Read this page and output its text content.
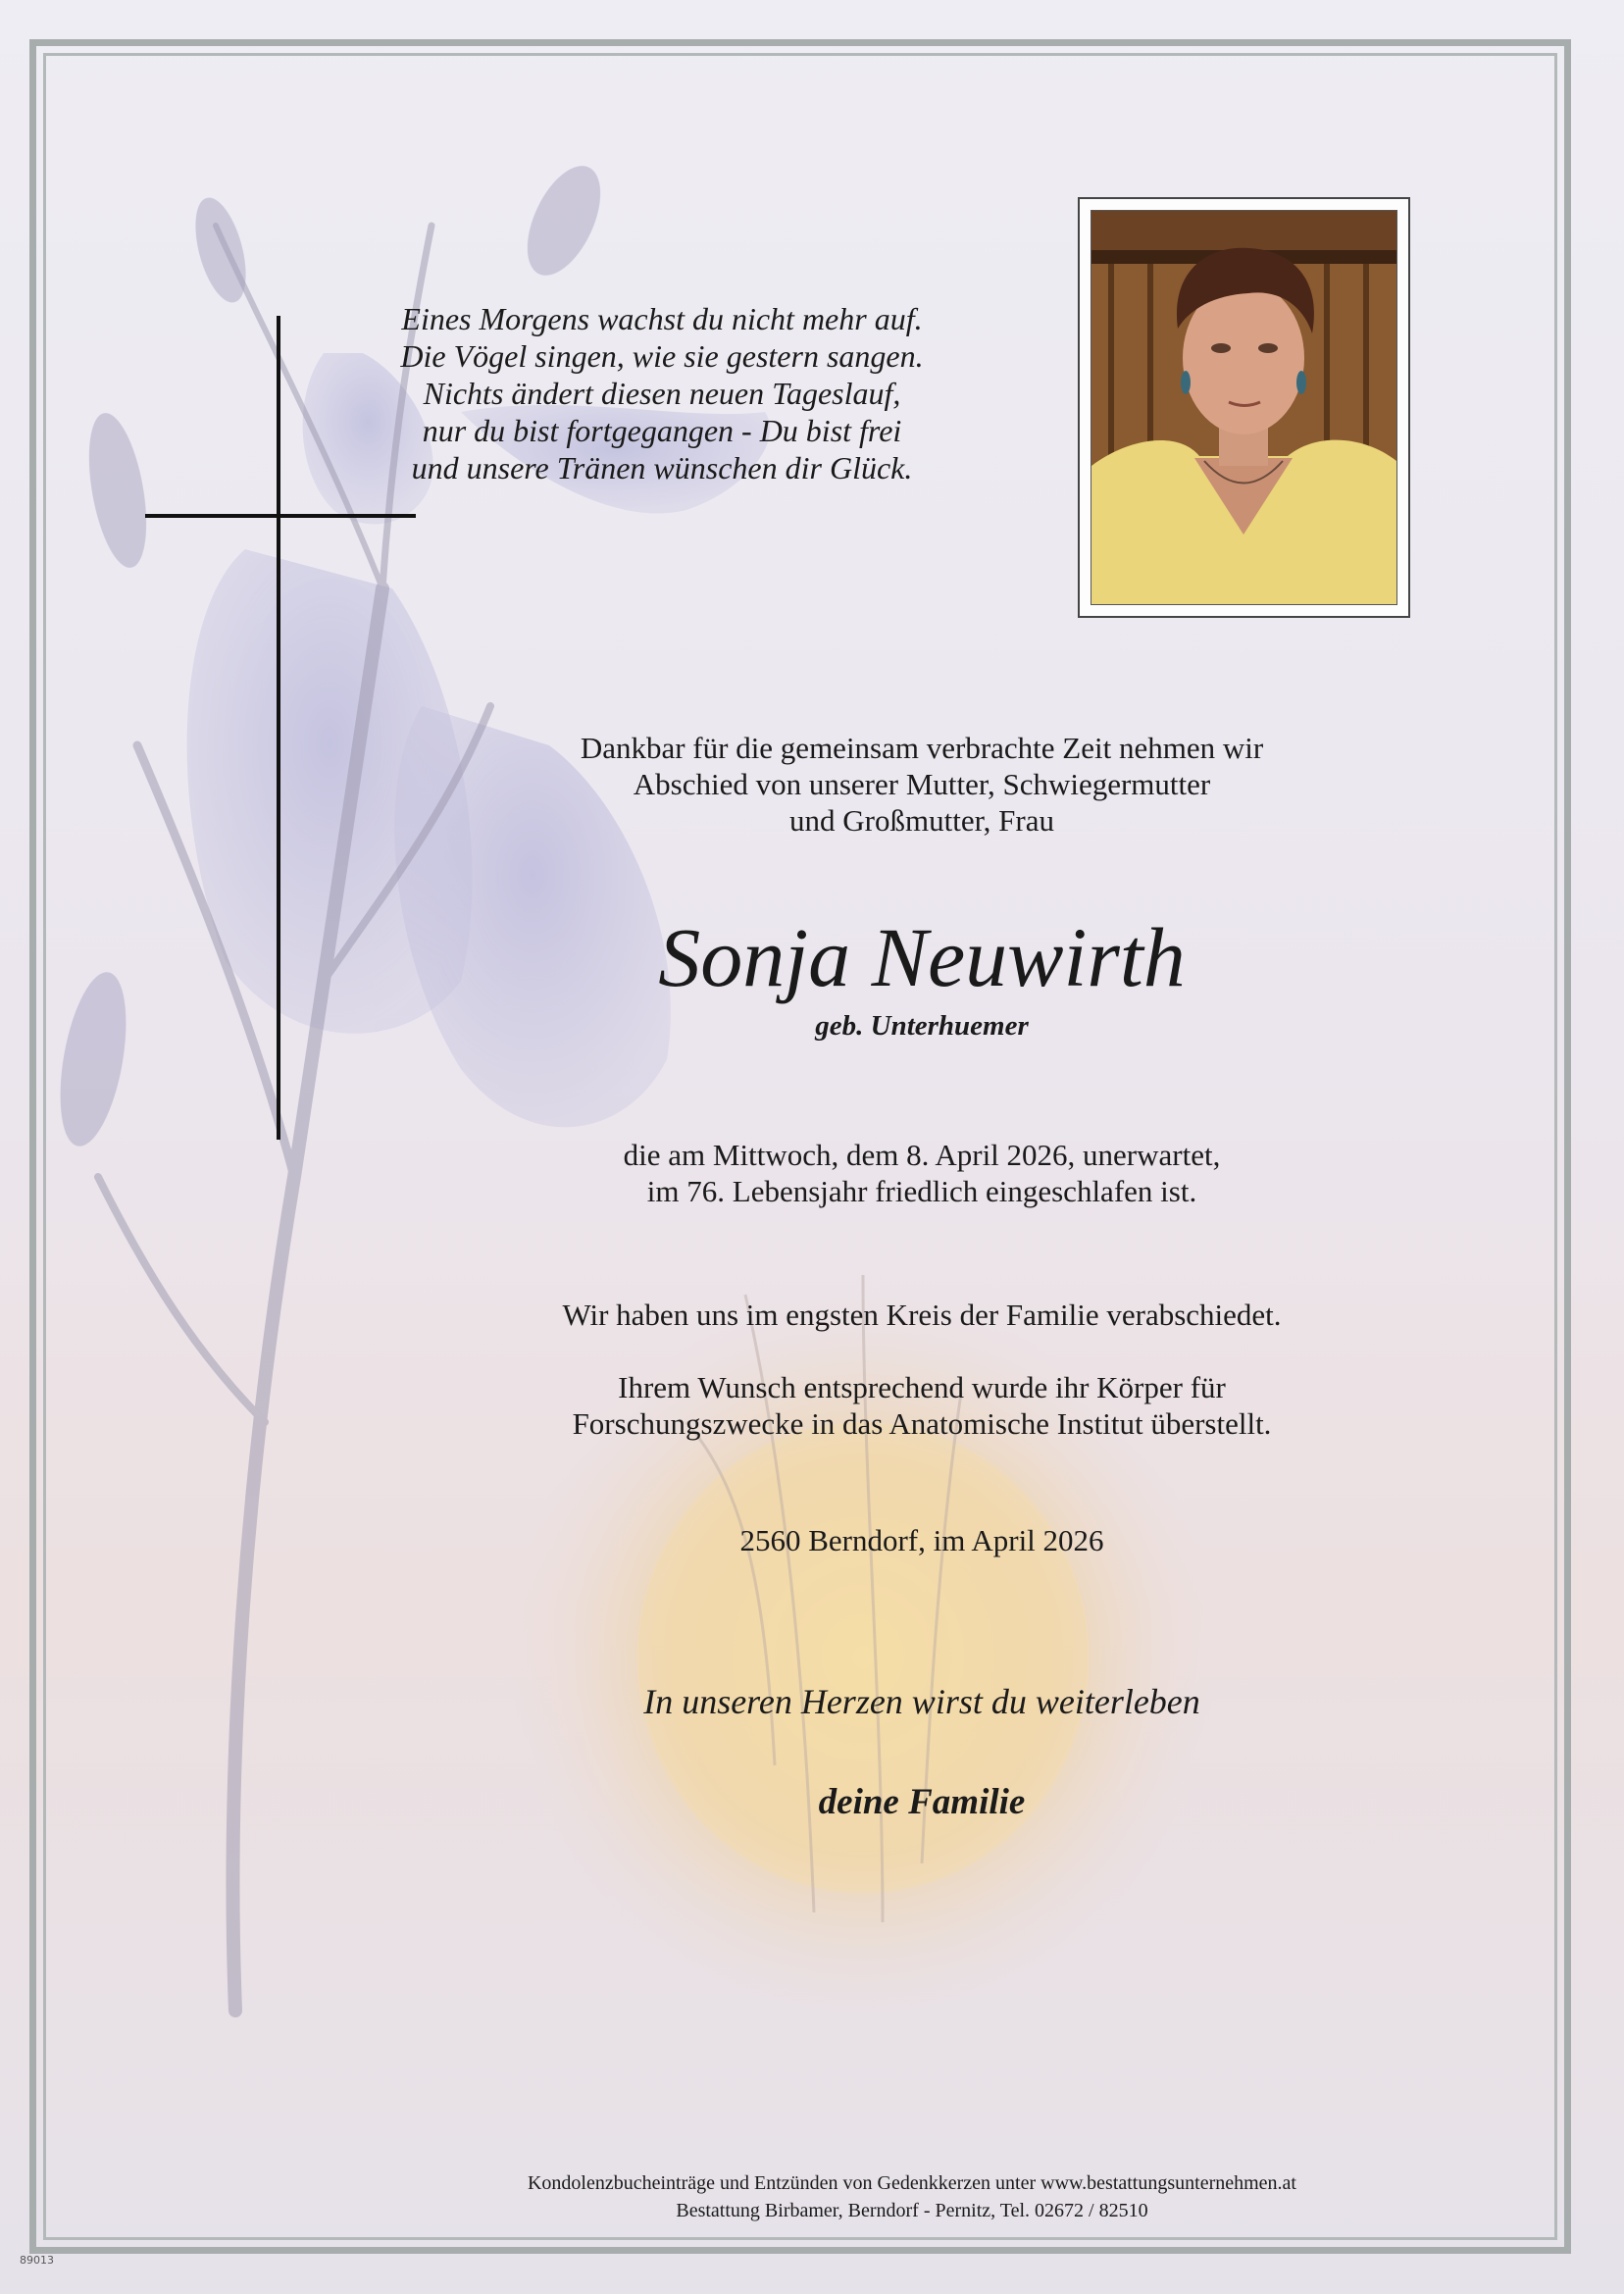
Eines Morgens wachst du nicht mehr auf.
Die Vögel singen, wie sie gestern sangen.
Nichts ändert diesen neuen Tageslauf,
nur du bist fortgegangen - Du bist frei
und unsere Tränen wünschen dir Glück.
Dankbar für die gemeinsam verbrachte Zeit nehmen wir
Abschied von unserer Mutter, Schwiegermutter
und Großmutter, Frau
Sonja Neuwirth
geb. Unterhuemer
die am Mittwoch, dem 8. April 2026, unerwartet,
im 76. Lebensjahr friedlich eingeschlafen ist.
Wir haben uns im engsten Kreis der Familie verabschiedet.
Ihrem Wunsch entsprechend wurde ihr Körper für
Forschungszwecke in das Anatomische Institut überstellt.
2560 Berndorf, im April 2026
In unseren Herzen wirst du weiterleben
deine Familie
Kondolenzbucheinträge und Entzünden von Gedenkkerzen unter www.bestattungsunternehmen.at
Bestattung Birbamer, Berndorf - Pernitz, Tel. 02672 / 82510
89013
